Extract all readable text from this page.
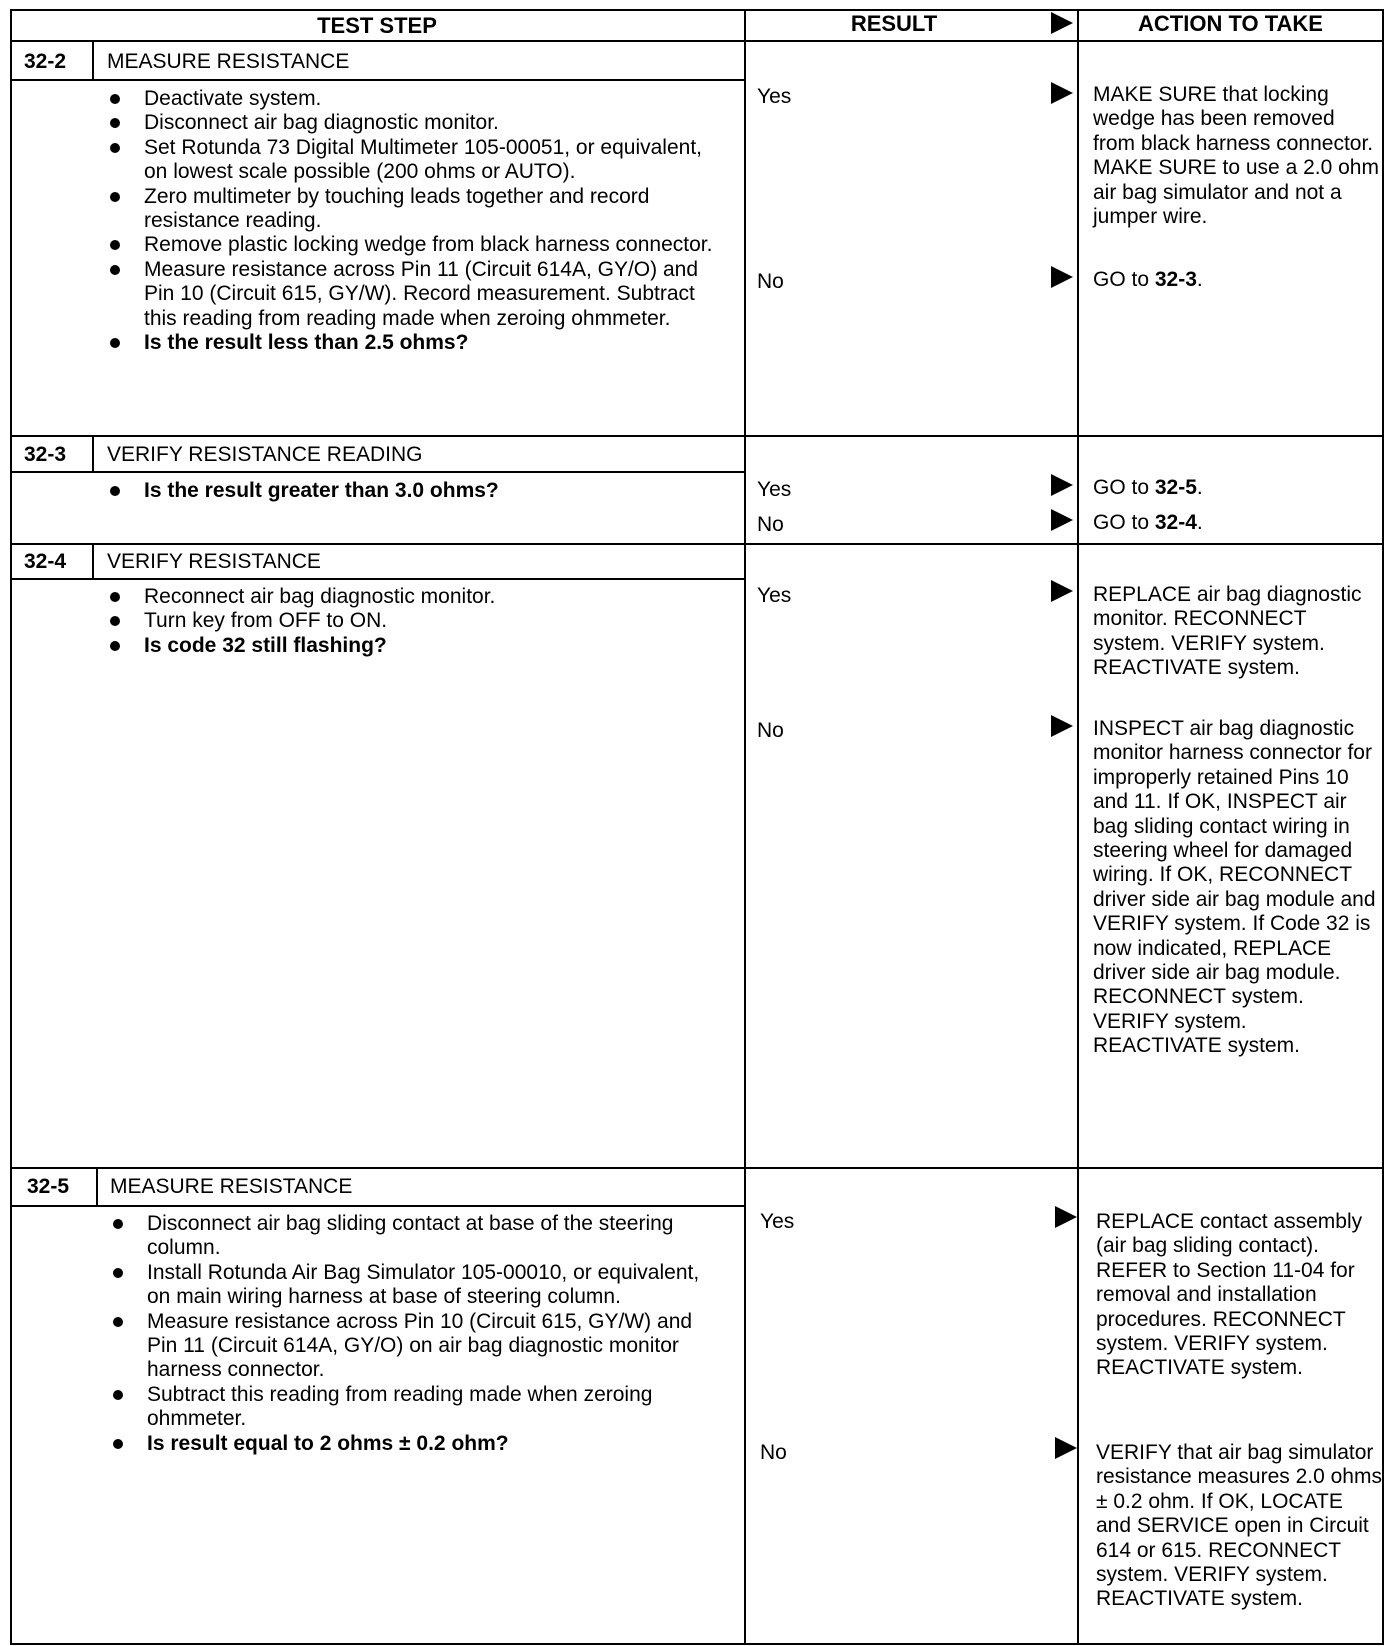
TEST STEP	RESULT	ACTION TO TAKE
32-2 MEASURE RESISTANCE
Deactivate system.
Disconnect air bag diagnostic monitor.
Set Rotunda 73 Digital Multimeter 105-00051, or equivalent, on lowest scale possible (200 ohms or AUTO).
Zero multimeter by touching leads together and record resistance reading.
Remove plastic locking wedge from black harness connector.
Measure resistance across Pin 11 (Circuit 614A, GY/O) and Pin 10 (Circuit 615, GY/W). Record measurement. Subtract this reading from reading made when zeroing ohmmeter.
Is the result less than 2.5 ohms?
Yes	MAKE SURE that locking wedge has been removed from black harness connector. MAKE SURE to use a 2.0 ohm air bag simulator and not a jumper wire.
No	GO to 32-3.
32-3 VERIFY RESISTANCE READING
Is the result greater than 3.0 ohms?	Yes	GO to 32-5.
No	GO to 32-4.
32-4 VERIFY RESISTANCE
Reconnect air bag diagnostic monitor.
Turn key from OFF to ON.
Is code 32 still flashing?
Yes	REPLACE air bag diagnostic monitor. RECONNECT system. VERIFY system. REACTIVATE system.
No	INSPECT air bag diagnostic monitor harness connector for improperly retained Pins 10 and 11. If OK, INSPECT air bag sliding contact wiring in steering wheel for damaged wiring. If OK, RECONNECT driver side air bag module and VERIFY system. If Code 32 is now indicated, REPLACE driver side air bag module. RECONNECT system. VERIFY system. REACTIVATE system.
32-5 MEASURE RESISTANCE
Disconnect air bag sliding contact at base of the steering column.
Install Rotunda Air Bag Simulator 105-00010, or equivalent, on main wiring harness at base of steering column.
Measure resistance across Pin 10 (Circuit 615, GY/W) and Pin 11 (Circuit 614A, GY/O) on air bag diagnostic monitor harness connector.
Subtract this reading from reading made when zeroing ohmmeter.
Is result equal to 2 ohms ± 0.2 ohm?
Yes	REPLACE contact assembly (air bag sliding contact). REFER to Section 11-04 for removal and installation procedures. RECONNECT system. VERIFY system. REACTIVATE system.
No	VERIFY that air bag simulator resistance measures 2.0 ohms ± 0.2 ohm. If OK, LOCATE and SERVICE open in Circuit 614 or 615. RECONNECT system. VERIFY system. REACTIVATE system.
